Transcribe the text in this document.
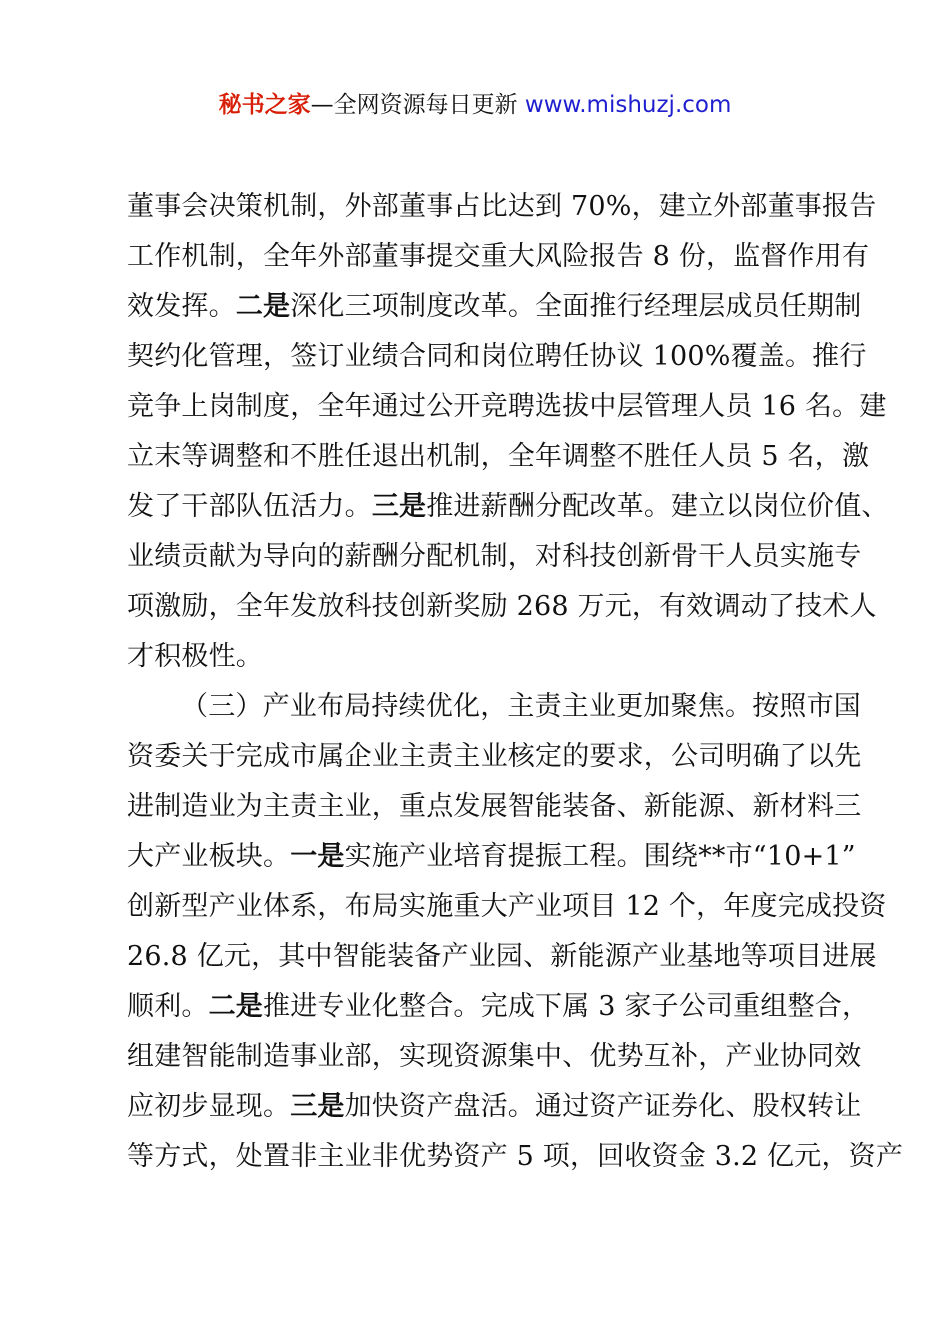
秘书之家—全网资源每日更新 www.mishuzj.com
董事会决策机制，外部董事占比达到 70%，建立外部董事报告
工作机制，全年外部董事提交重大风险报告 8 份，监督作用有
效发挥。二是深化三项制度改革。全面推行经理层成员任期制
契约化管理，签订业绩合同和岗位聘任协议 100%覆盖。推行
竞争上岗制度，全年通过公开竞聘选拔中层管理人员 16 名。建
立末等调整和不胜任退出机制，全年调整不胜任人员 5 名，激
发了干部队伍活力。三是推进薪酬分配改革。建立以岗位价值、
业绩贡献为导向的薪酬分配机制，对科技创新骨干人员实施专
项激励，全年发放科技创新奖励 268 万元，有效调动了技术人
才积极性。
（三）产业布局持续优化，主责主业更加聚焦。按照市国
资委关于完成市属企业主责主业核定的要求，公司明确了以先
进制造业为主责主业，重点发展智能装备、新能源、新材料三
大产业板块。一是实施产业培育提振工程。围绕**市“10+1”
创新型产业体系，布局实施重大产业项目 12 个，年度完成投资
26.8 亿元，其中智能装备产业园、新能源产业基地等项目进展
顺利。二是推进专业化整合。完成下属 3 家子公司重组整合，
组建智能制造事业部，实现资源集中、优势互补，产业协同效
应初步显现。三是加快资产盘活。通过资产证券化、股权转让
等方式，处置非主业非优势资产 5 项，回收资金 3.2 亿元，资产
